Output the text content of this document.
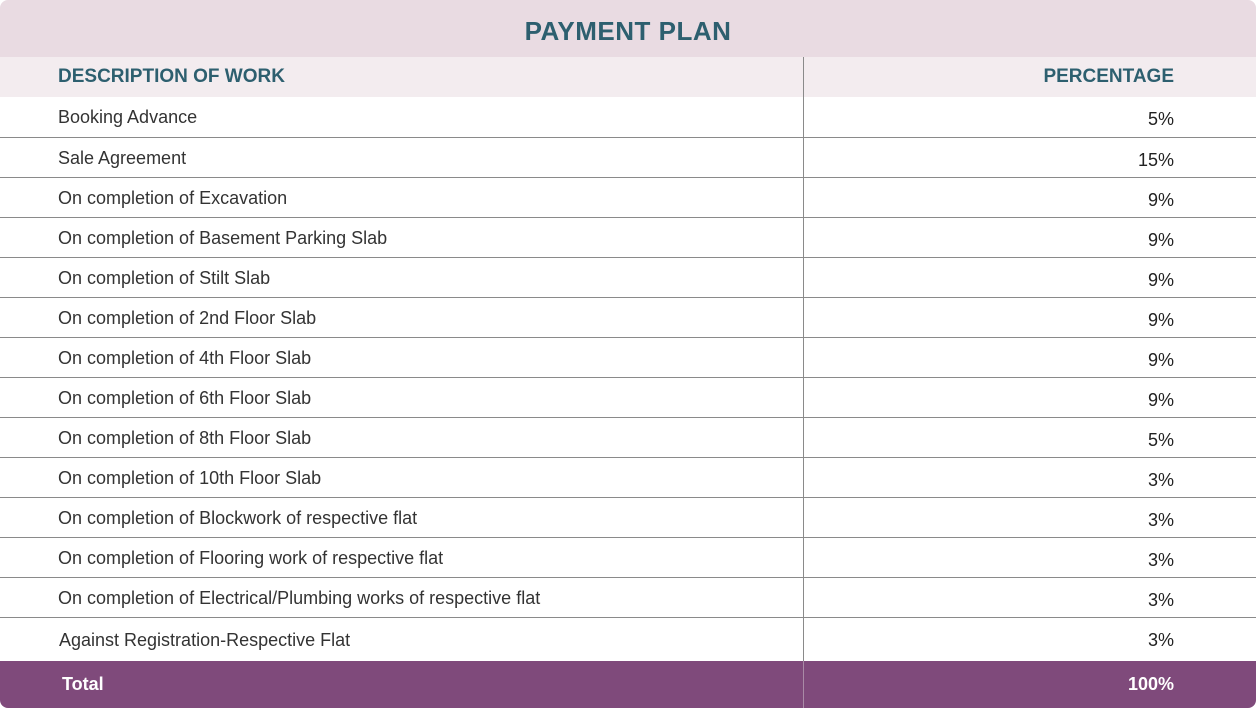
PAYMENT PLAN
DESCRIPTION OF WORK	PERCENTAGE
Booking Advance	5%
Sale Agreement	15%
On completion of Excavation	9%
On completion of Basement Parking Slab	9%
On completion of Stilt Slab	9%
On completion of 2nd Floor Slab	9%
On completion of 4th Floor Slab	9%
On completion of 6th Floor Slab	9%
On completion of 8th Floor Slab	5%
On completion of 10th Floor Slab	3%
On completion of Blockwork of respective flat	3%
On completion of Flooring work of respective flat	3%
On completion of Electrical/Plumbing works of respective flat	3%
Against Registration-Respective Flat	3%
Total	100%
